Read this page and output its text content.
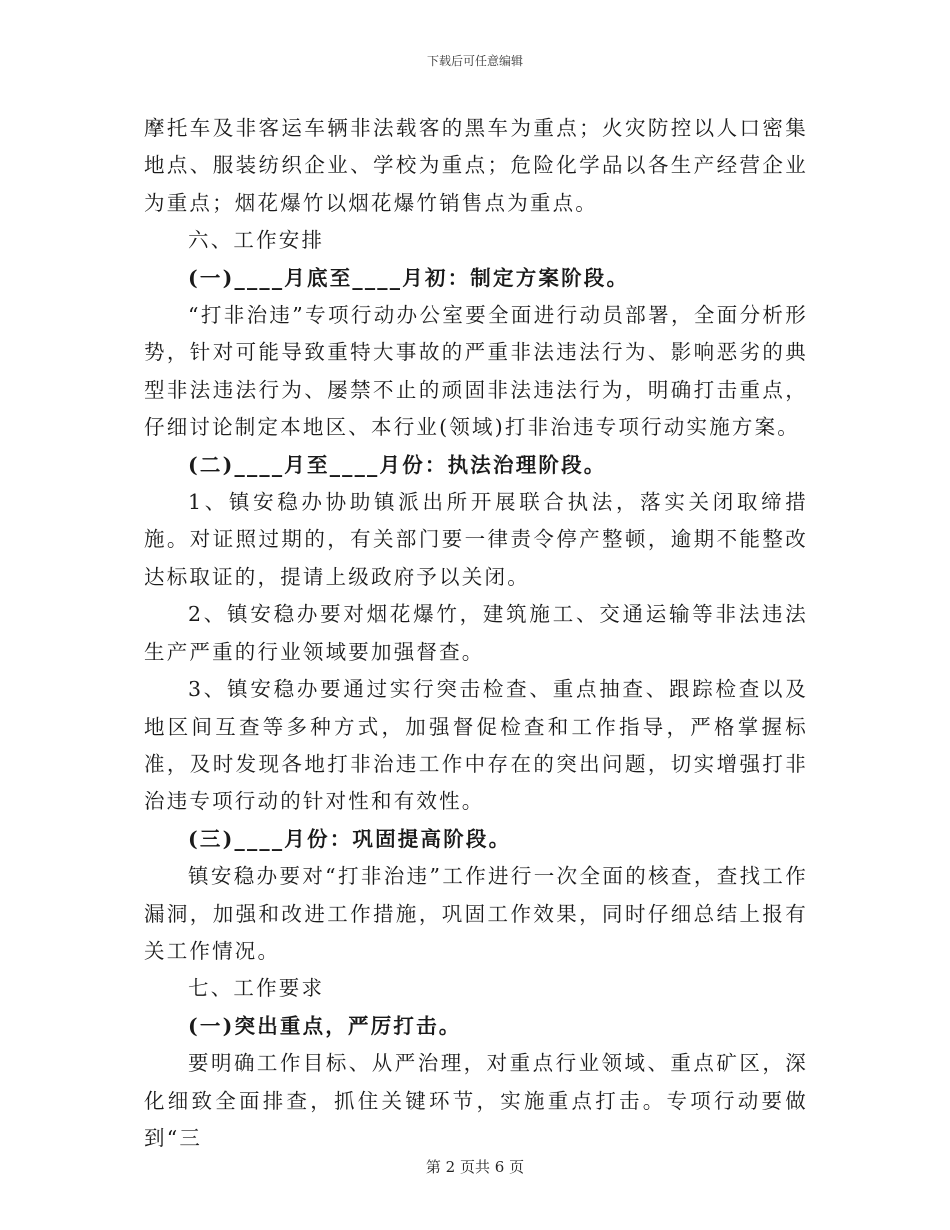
下载后可任意编辑

摩托车及非客运车辆非法载客的黑车为重点；火灾防控以人口密集地点、服装纺织企业、学校为重点；危险化学品以各生产经营企业为重点；烟花爆竹以烟花爆竹销售点为重点。

六、工作安排

(一)____月底至____月初：制定方案阶段。

“打非治违”专项行动办公室要全面进行动员部署，全面分析形势，针对可能导致重特大事故的严重非法违法行为、影响恶劣的典型非法违法行为、屡禁不止的顽固非法违法行为，明确打击重点，仔细讨论制定本地区、本行业(领域)打非治违专项行动实施方案。

(二)____月至____月份：执法治理阶段。

1、镇安稳办协助镇派出所开展联合执法，落实关闭取缔措施。对证照过期的，有关部门要一律责令停产整顿，逾期不能整改达标取证的，提请上级政府予以关闭。

2、镇安稳办要对烟花爆竹，建筑施工、交通运输等非法违法生产严重的行业领域要加强督查。

3、镇安稳办要通过实行突击检查、重点抽查、跟踪检查以及地区间互查等多种方式，加强督促检查和工作指导，严格掌握标准，及时发现各地打非治违工作中存在的突出问题，切实增强打非治违专项行动的针对性和有效性。

(三)____月份：巩固提高阶段。

镇安稳办要对“打非治违”工作进行一次全面的核查，查找工作漏洞，加强和改进工作措施，巩固工作效果，同时仔细总结上报有关工作情况。

七、工作要求

(一)突出重点，严厉打击。

要明确工作目标、从严治理，对重点行业领域、重点矿区，深化细致全面排查，抓住关键环节，实施重点打击。专项行动要做到“三

第 2 页共 6 页
